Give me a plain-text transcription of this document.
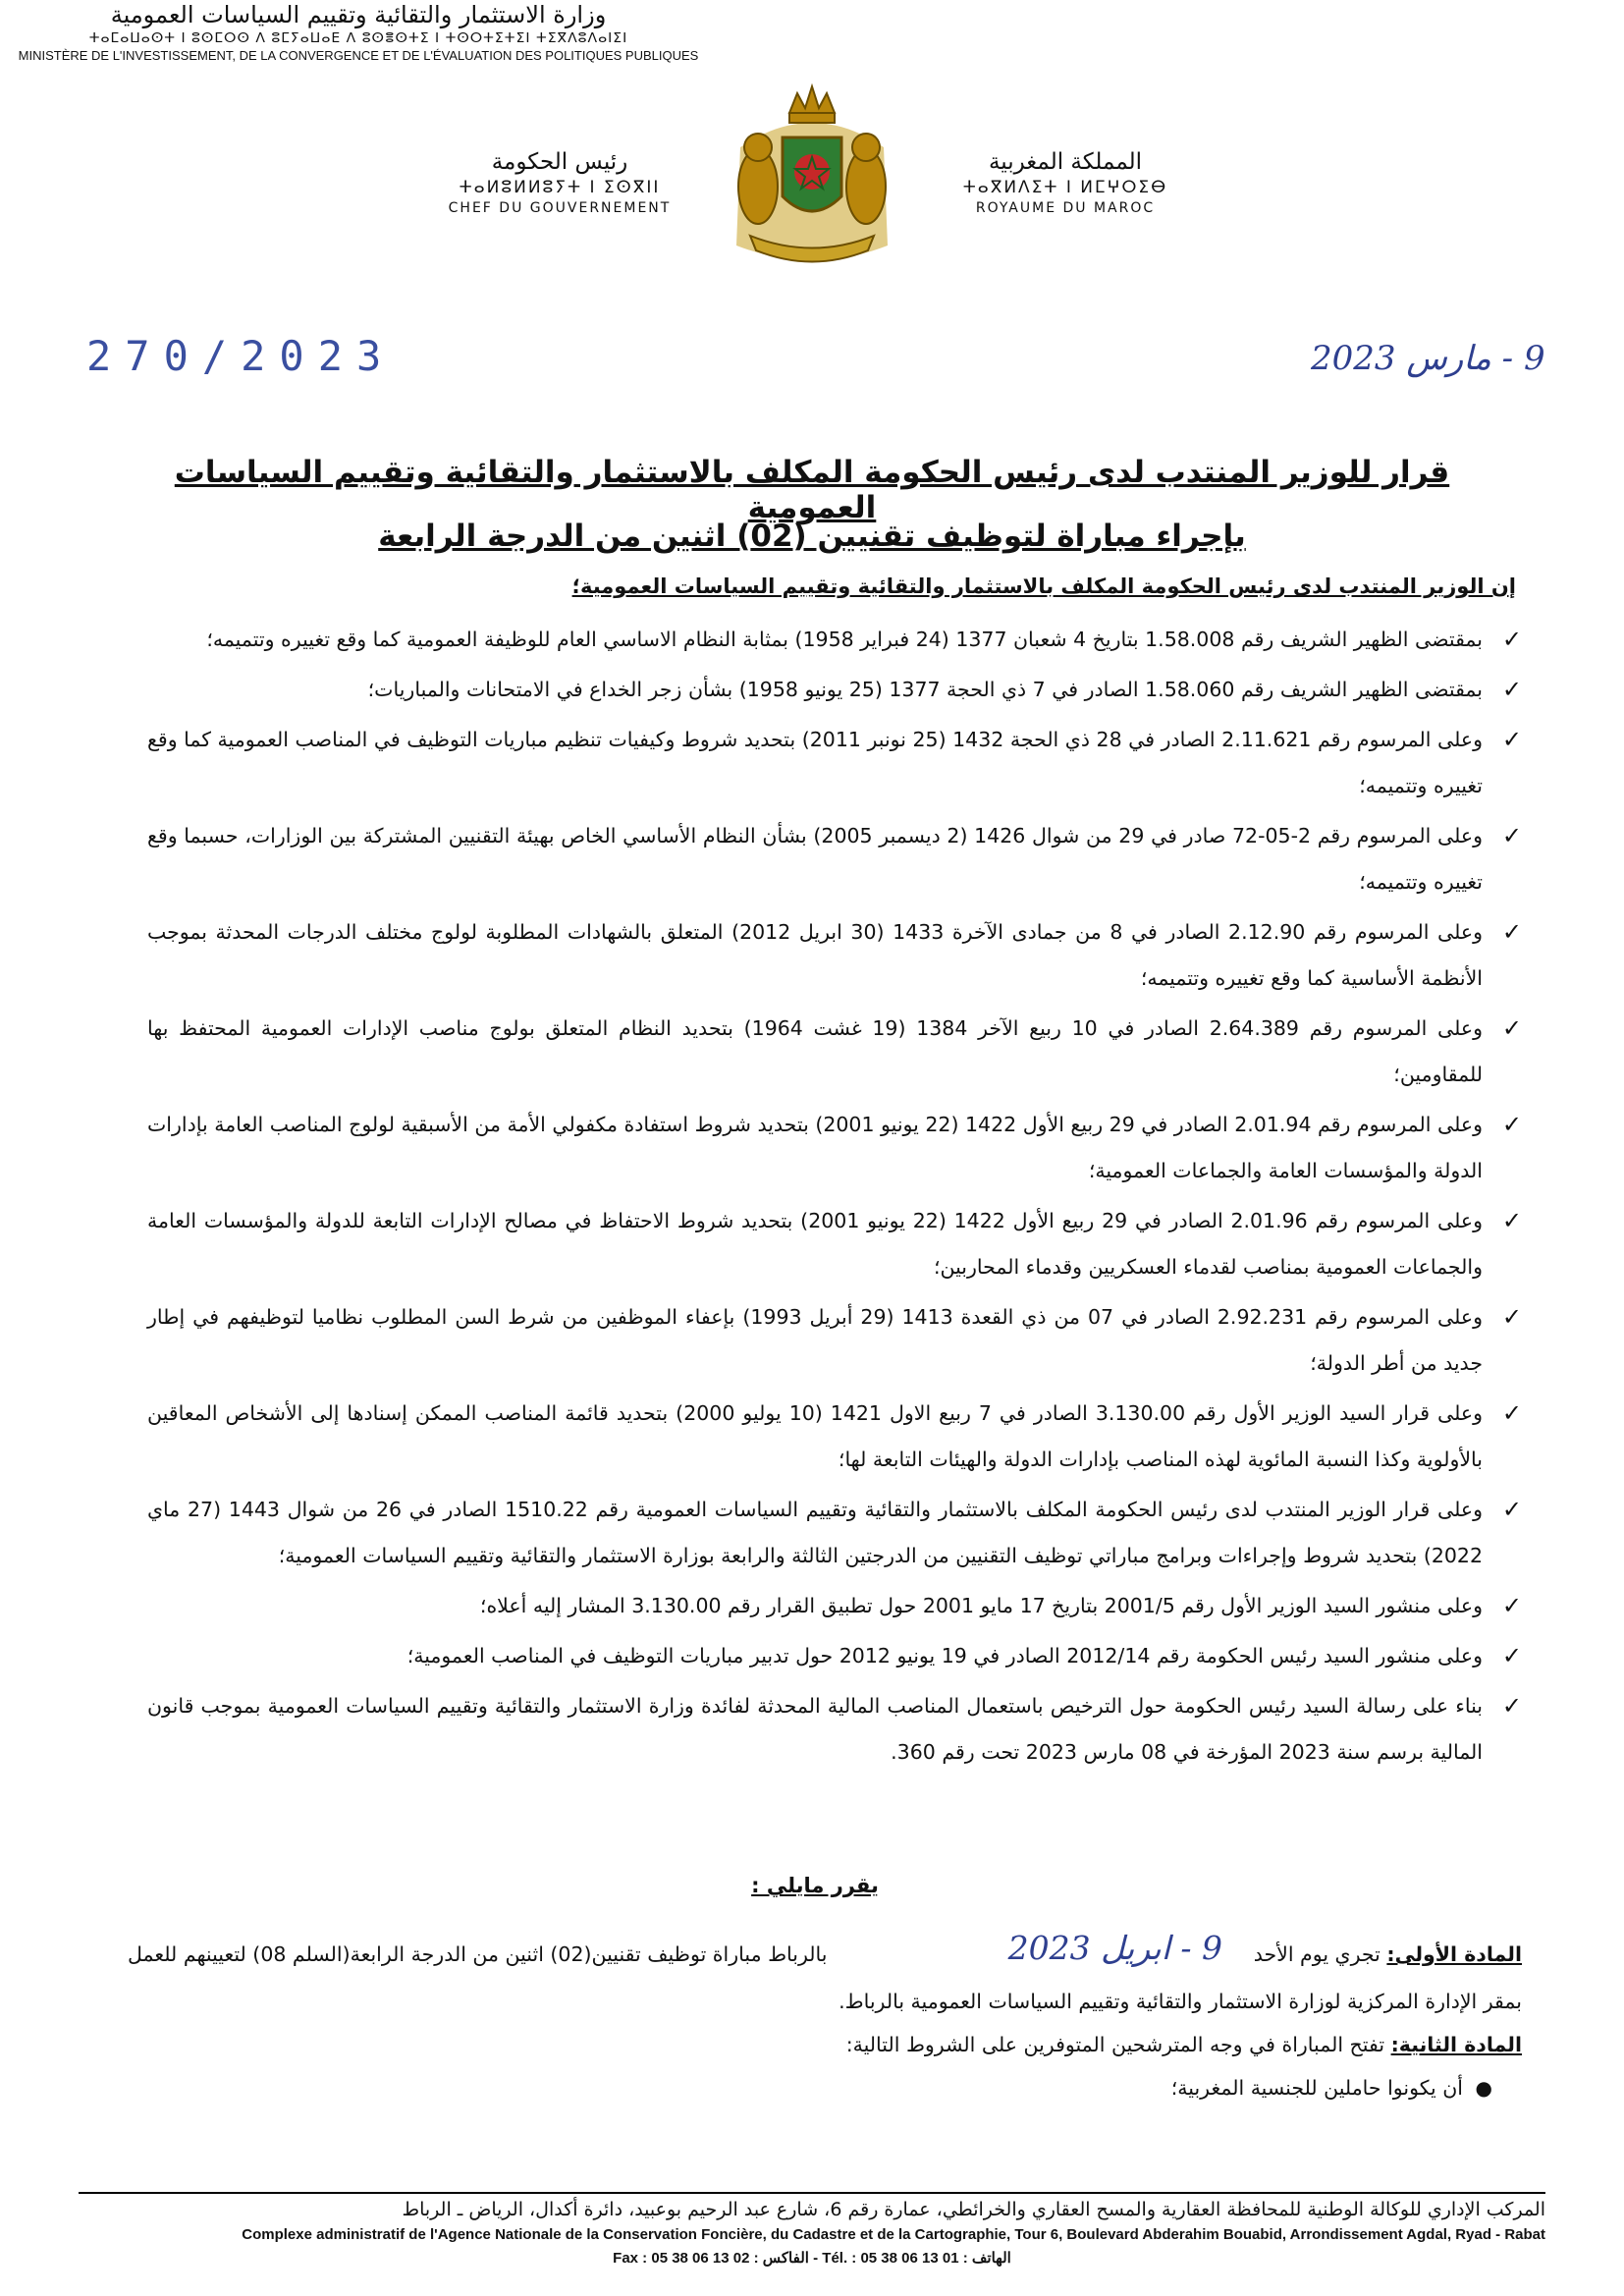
رئيس الحكومة
ⵜⴰⵍⵓⵍⵍⵓⵢⵜ ⵏ ⵉⵙⴳⵏⵏ
CHEF DU GOUVERNEMENT
المملكة المغربية
ⵜⴰⴳⵍⴷⵉⵜ ⵏ ⵍⵎⵖⵔⵉⴱ
ROYAUME DU MAROC
وزارة الاستثمار والتقائية وتقييم السياسات العمومية
ⵜⴰⵎⴰⵡⴰⵙⵜ ⵏ ⵓⵙⵎⵔⵙ ⴷ ⵓⵎⵢⴰⵡⴰⴹ ⴷ ⵓⵙⴻⵙⵜⵉ ⵏ ⵜⵙⵔⵜⵉⵜⵉⵏ ⵜⵉⴳⴷⵓⴷⴰⵏⵉⵏ
MINISTÈRE DE L'INVESTISSEMENT, DE LA CONVERGENCE ET DE L'ÉVALUATION DES POLITIQUES PUBLIQUES
270/2023	9 - مارس 2023
قرار للوزير المنتدب لدى رئيس الحكومة المكلف بالاستثمار والتقائية وتقييم السياسات العمومية
بإجراء مباراة لتوظيف تقنيين (02) اثنين من الدرجة الرابعة
إن الوزير المنتدب لدى رئيس الحكومة المكلف بالاستثمار والتقائية وتقييم السياسات العمومية؛
✓
بمقتضى الظهير الشريف رقم 1.58.008 بتاريخ 4 شعبان 1377 (24 فبراير 1958) بمثابة النظام الاساسي العام للوظيفة العمومية كما وقع تغييره وتتميمه؛
✓
بمقتضى الظهير الشريف رقم 1.58.060 الصادر في 7 ذي الحجة 1377 (25 يونيو 1958) بشأن زجر الخداع في الامتحانات والمباريات؛
✓
وعلى المرسوم رقم 2.11.621 الصادر في 28 ذي الحجة 1432 (25 نونبر 2011) بتحديد شروط وكيفيات تنظيم مباريات التوظيف في المناصب العمومية كما وقع تغييره وتتميمه؛
✓
وعلى المرسوم رقم 2-05-72 صادر في 29 من شوال 1426 (2 ديسمبر 2005) بشأن النظام الأساسي الخاص بهيئة التقنيين المشتركة بين الوزارات، حسبما وقع تغييره وتتميمه؛
✓
وعلى المرسوم رقم 2.12.90 الصادر في 8 من جمادى الآخرة 1433 (30 ابريل 2012) المتعلق بالشهادات المطلوبة لولوج مختلف الدرجات المحدثة بموجب الأنظمة الأساسية كما وقع تغييره وتتميمه؛
✓
وعلى المرسوم رقم 2.64.389 الصادر في 10 ربيع الآخر 1384 (19 غشت 1964) بتحديد النظام المتعلق بولوج مناصب الإدارات العمومية المحتفظ بها للمقاومين؛
✓
وعلى المرسوم رقم 2.01.94 الصادر في 29 ربيع الأول 1422 (22 يونيو 2001) بتحديد شروط استفادة مكفولي الأمة من الأسبقية لولوج المناصب العامة بإدارات الدولة والمؤسسات العامة والجماعات العمومية؛
✓
وعلى المرسوم رقم 2.01.96 الصادر في 29 ربيع الأول 1422 (22 يونيو 2001) بتحديد شروط الاحتفاظ في مصالح الإدارات التابعة للدولة والمؤسسات العامة والجماعات العمومية بمناصب لقدماء العسكريين وقدماء المحاربين؛
✓
وعلى المرسوم رقم 2.92.231 الصادر في 07 من ذي القعدة 1413 (29 أبريل 1993) بإعفاء الموظفين من شرط السن المطلوب نظاميا لتوظيفهم في إطار جديد من أطر الدولة؛
✓
وعلى قرار السيد الوزير الأول رقم 3.130.00 الصادر في 7 ربيع الاول 1421 (10 يوليو 2000) بتحديد قائمة المناصب الممكن إسنادها إلى الأشخاص المعاقين بالأولوية وكذا النسبة المائوية لهذه المناصب بإدارات الدولة والهيئات التابعة لها؛
✓
وعلى قرار الوزير المنتدب لدى رئيس الحكومة المكلف بالاستثمار والتقائية وتقييم السياسات العمومية رقم 1510.22 الصادر في 26 من شوال 1443 (27 ماي 2022) بتحديد شروط وإجراءات وبرامج مباراتي توظيف التقنيين من الدرجتين الثالثة والرابعة بوزارة الاستثمار والتقائية وتقييم السياسات العمومية؛
✓
وعلى منشور السيد الوزير الأول رقم 2001/5 بتاريخ 17 مايو 2001 حول تطبيق القرار رقم 3.130.00 المشار إليه أعلاه؛
✓
وعلى منشور السيد رئيس الحكومة رقم 2012/14 الصادر في 19 يونيو 2012 حول تدبير مباريات التوظيف في المناصب العمومية؛
✓
بناء على رسالة السيد رئيس الحكومة حول الترخيص باستعمال المناصب المالية المحدثة لفائدة وزارة الاستثمار والتقائية وتقييم السياسات العمومية بموجب قانون المالية برسم سنة 2023 المؤرخة في 08 مارس 2023 تحت رقم 360.
يقرر مايلي :
المادة الأولى: تجري يوم الأحد
9 - ابريل 2023
بالرباط مباراة توظيف تقنيين(02) اثنين من الدرجة الرابعة(السلم 08) لتعيينهم للعمل
بمقر الإدارة المركزية لوزارة الاستثمار والتقائية وتقييم السياسات العمومية بالرباط.
المادة الثانية: تفتح المباراة في وجه المترشحين المتوفرين على الشروط التالية:
●
أن يكونوا حاملين للجنسية المغربية؛
المركب الإداري للوكالة الوطنية للمحافظة العقارية والمسح العقاري والخرائطي، عمارة رقم 6، شارع عبد الرحيم بوعبيد، دائرة أكدال، الرياض ـ الرباط
Complexe administratif de l'Agence Nationale de la Conservation Foncière, du Cadastre et de la Cartographie, Tour 6, Boulevard Abderahim Bouabid, Arrondissement Agdal, Ryad - Rabat
Fax : 05 38 06 13 02 : الفاكس - Tél. : 05 38 06 13 01 : الهاتف
